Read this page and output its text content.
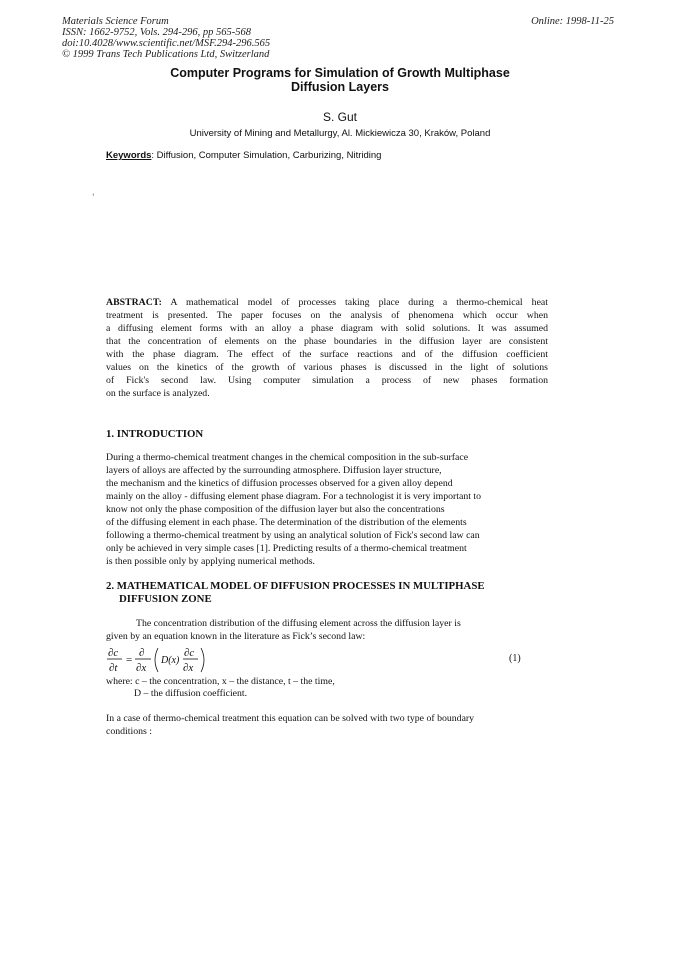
Materials Science Forum
ISSN: 1662-9752, Vols. 294-296, pp 565-568
doi:10.4028/www.scientific.net/MSF.294-296.565
© 1999 Trans Tech Publications Ltd, Switzerland
Online: 1998-11-25
Computer Programs for Simulation of Growth Multiphase
Diffusion Layers
S. Gut
University of Mining and Metallurgy, Al. Mickiewicza 30, Kraków, Poland
Keywords: Diffusion, Computer Simulation, Carburizing, Nitriding
‘
ABSTRACT: A mathematical model of processes taking place during a thermo-chemical heat
treatment is presented. The paper focuses on the analysis of phenomena which occur when
a diffusing element forms with an alloy a phase diagram with solid solutions. It was assumed
that the concentration of elements on the phase boundaries in the diffusion layer are consistent
with the phase diagram. The effect of the surface reactions and of the diffusion coefficient
values on the kinetics of the growth of various phases is discussed in the light of solutions
of Fick's second law. Using computer simulation a process of new phases formation
on the surface is analyzed.
1. INTRODUCTION
During a thermo-chemical treatment changes in the chemical composition in the sub-surface
layers of alloys are affected by the surrounding atmosphere. Diffusion layer structure,
the mechanism and the kinetics of diffusion processes observed for a given alloy depend
mainly on the alloy - diffusing element phase diagram. For a technologist it is very important to
know not only the phase composition of the diffusion layer but also the concentrations
of the diffusing element in each phase. The determination of the distribution of the elements
following a thermo-chemical treatment by using an analytical solution of Fick's second law can
only be achieved in very simple cases [1]. Predicting results of a thermo-chemical treatment
is then possible only by applying numerical methods.
2. MATHEMATICAL MODEL OF DIFFUSION PROCESSES IN MULTIPHASE
DIFFUSION ZONE
The concentration distribution of the diffusing element across the diffusion layer is
given by an equation known in the literature as Fick’s second law:
∂c
∂t
=
∂
∂x
D(x)
∂c
∂x
(1)
where: c – the concentration, x – the distance, t – the time,
D – the diffusion coefficient.
In a case of thermo-chemical treatment this equation can be solved with two type of boundary
conditions :
